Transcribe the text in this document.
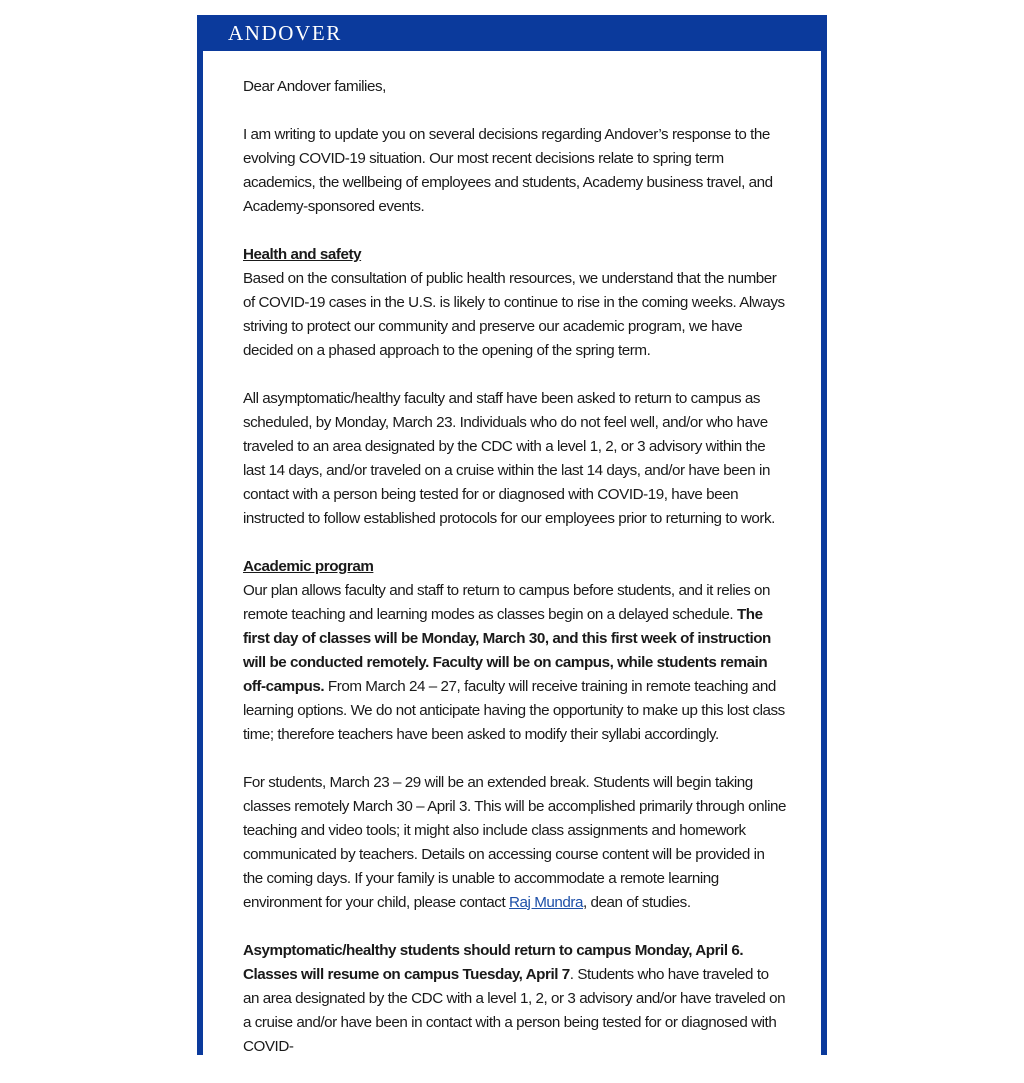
ANDOVER

Dear Andover families,

I am writing to update you on several decisions regarding Andover’s response to the evolving COVID-19 situation. Our most recent decisions relate to spring term academics, the wellbeing of employees and students, Academy business travel, and Academy-sponsored events.

Health and safety
Based on the consultation of public health resources, we understand that the number of COVID-19 cases in the U.S. is likely to continue to rise in the coming weeks. Always striving to protect our community and preserve our academic program, we have decided on a phased approach to the opening of the spring term.

All asymptomatic/healthy faculty and staff have been asked to return to campus as scheduled, by Monday, March 23. Individuals who do not feel well, and/or who have traveled to an area designated by the CDC with a level 1, 2, or 3 advisory within the last 14 days, and/or traveled on a cruise within the last 14 days, and/or have been in contact with a person being tested for or diagnosed with COVID-19, have been instructed to follow established protocols for our employees prior to returning to work.

Academic program
Our plan allows faculty and staff to return to campus before students, and it relies on remote teaching and learning modes as classes begin on a delayed schedule. The first day of classes will be Monday, March 30, and this first week of instruction will be conducted remotely. Faculty will be on campus, while students remain off-campus. From March 24 – 27, faculty will receive training in remote teaching and learning options. We do not anticipate having the opportunity to make up this lost class time; therefore teachers have been asked to modify their syllabi accordingly.

For students, March 23 – 29 will be an extended break. Students will begin taking classes remotely March 30 – April 3. This will be accomplished primarily through online teaching and video tools; it might also include class assignments and homework communicated by teachers. Details on accessing course content will be provided in the coming days. If your family is unable to accommodate a remote learning environment for your child, please contact Raj Mundra, dean of studies.

Asymptomatic/healthy students should return to campus Monday, April 6. Classes will resume on campus Tuesday, April 7. Students who have traveled to an area designated by the CDC with a level 1, 2, or 3 advisory and/or have traveled on a cruise and/or have been in contact with a person being tested for or diagnosed with COVID-
